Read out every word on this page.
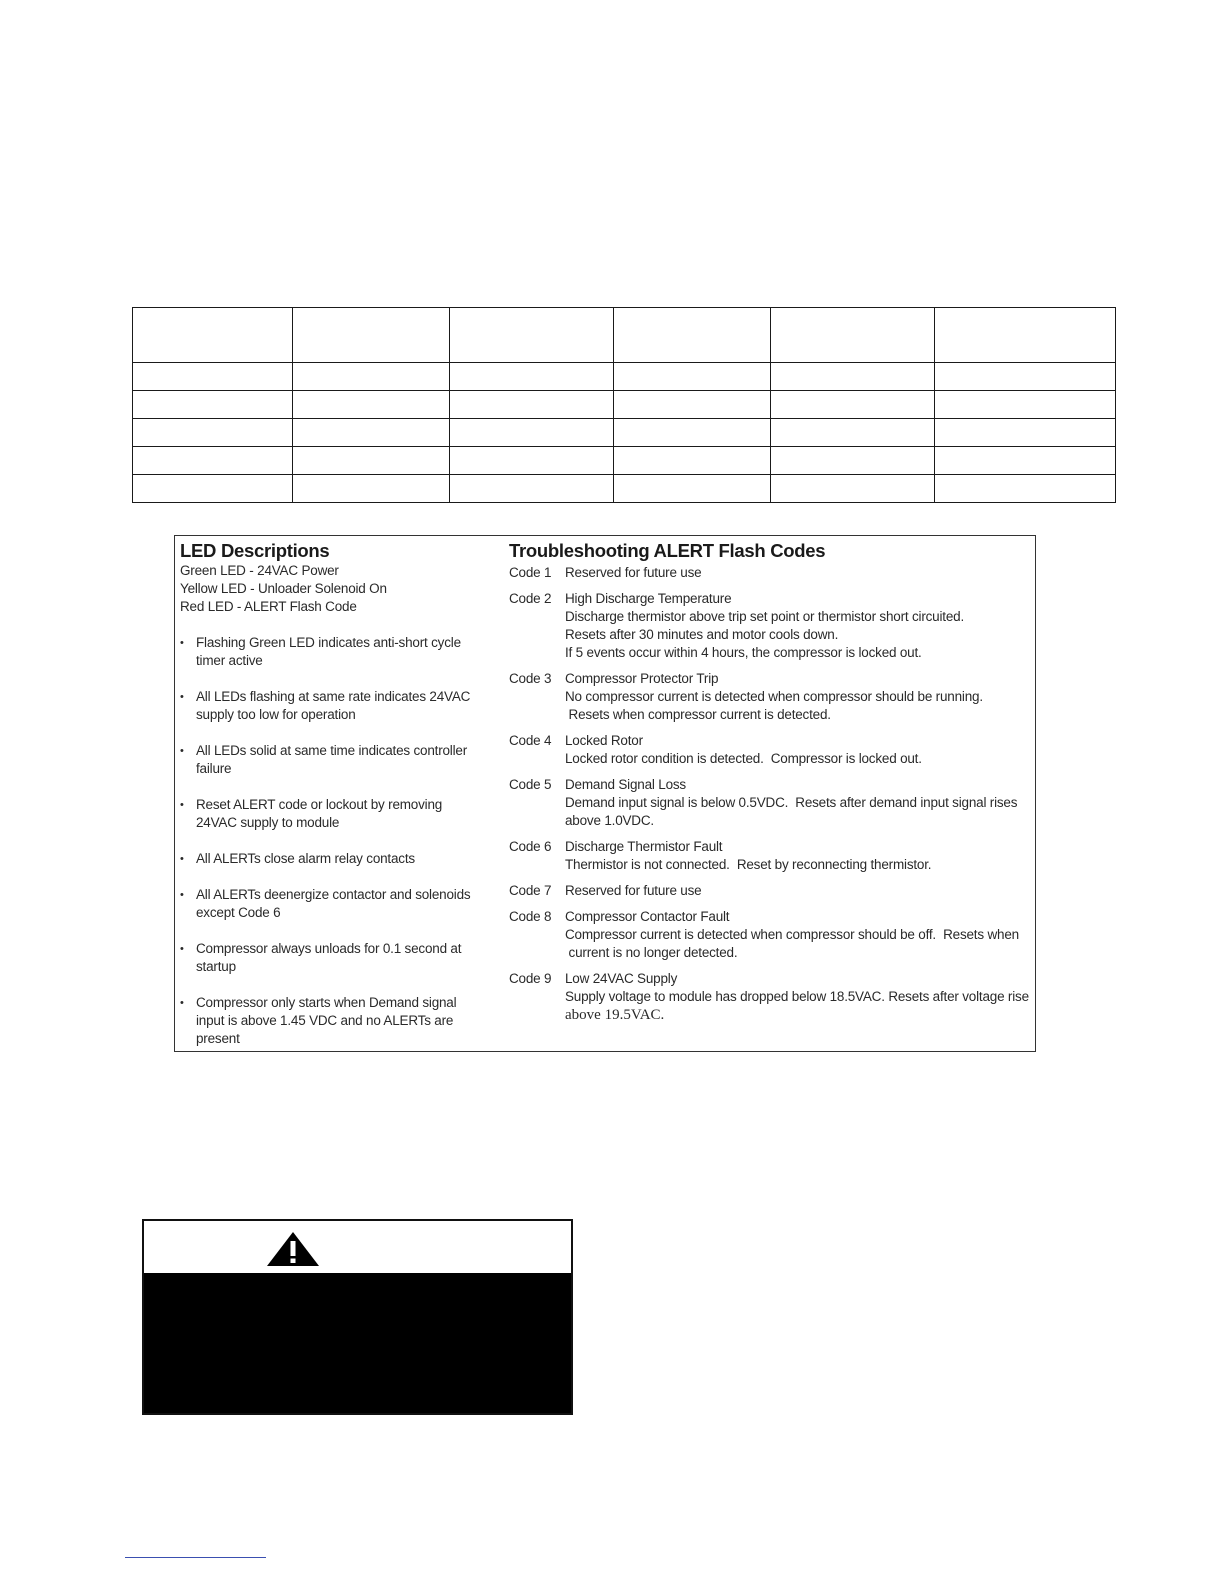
LED Descriptions
Green LED - 24VAC Power
Yellow LED - Unloader Solenoid On
Red LED - ALERT Flash Code
• Flashing Green LED indicates anti-short cycle timer active
• All LEDs flashing at same rate indicates 24VAC supply too low for operation
• All LEDs solid at same time indicates controller failure
• Reset ALERT code or lockout by removing 24VAC supply to module
• All ALERTs close alarm relay contacts
• All ALERTs deenergize contactor and solenoids except Code 6
• Compressor always unloads for 0.1 second at startup
• Compressor only starts when Demand signal input is above 1.45 VDC and no ALERTs are present
Troubleshooting ALERT Flash Codes
Code 1	Reserved for future use
Code 2	High Discharge Temperature
Discharge thermistor above trip set point or thermistor short circuited.
Resets after 30 minutes and motor cools down.
If 5 events occur within 4 hours, the compressor is locked out.
Code 3	Compressor Protector Trip
No compressor current is detected when compressor should be running.
Resets when compressor current is detected.
Code 4	Locked Rotor
Locked rotor condition is detected.  Compressor is locked out.
Code 5	Demand Signal Loss
Demand input signal is below 0.5VDC.  Resets after demand input signal rises
above 1.0VDC.
Code 6	Discharge Thermistor Fault
Thermistor is not connected.  Reset by reconnecting thermistor.
Code 7	Reserved for future use
Code 8	Compressor Contactor Fault
Compressor current is detected when compressor should be off.  Resets when
current is no longer detected.
Code 9	Low 24VAC Supply
Supply voltage to module has dropped below 18.5VAC. Resets after voltage rise
above 19.5VAC.
